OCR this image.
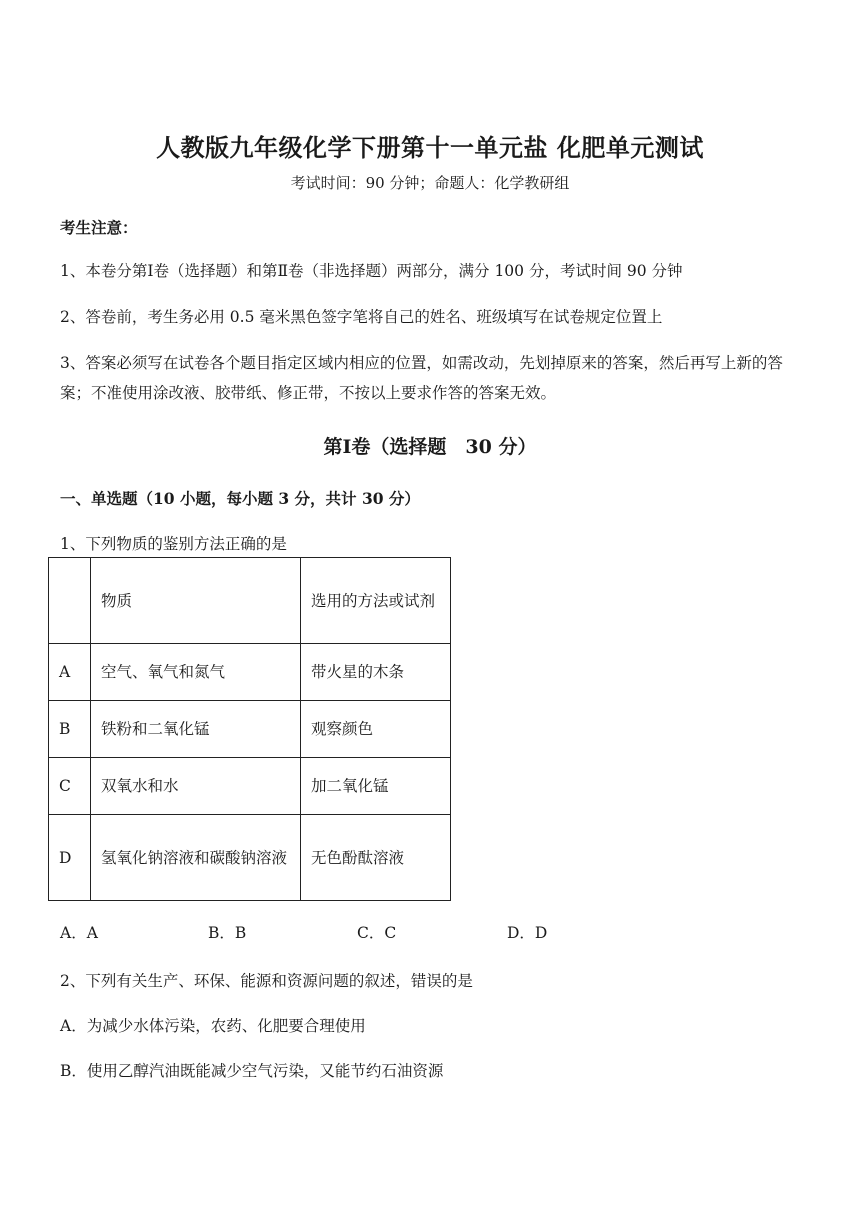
人教版九年级化学下册第十一单元盐 化肥单元测试
考试时间：90 分钟；命题人：化学教研组
考生注意：
1、本卷分第Ⅰ卷（选择题）和第Ⅱ卷（非选择题）两部分，满分 100 分，考试时间 90 分钟
2、答卷前，考生务必用 0.5 毫米黑色签字笔将自己的姓名、班级填写在试卷规定位置上
3、答案必须写在试卷各个题目指定区域内相应的位置，如需改动，先划掉原来的答案，然后再写上新的答案；不准使用涂改液、胶带纸、修正带，不按以上要求作答的答案无效。
第Ⅰ卷（选择题　30 分）
一、单选题（10 小题，每小题 3 分，共计 30 分）
1、下列物质的鉴别方法正确的是
	物质	选用的方法或试剂
A	空气、氧气和氮气	带火星的木条
B	铁粉和二氧化锰	观察颜色
C	双氧水和水	加二氧化锰
D	氢氧化钠溶液和碳酸钠溶液	无色酚酞溶液
A．A	B．B	C．C	D．D
2、下列有关生产、环保、能源和资源问题的叙述，错误的是
A．为减少水体污染，农药、化肥要合理使用
B．使用乙醇汽油既能减少空气污染，又能节约石油资源
